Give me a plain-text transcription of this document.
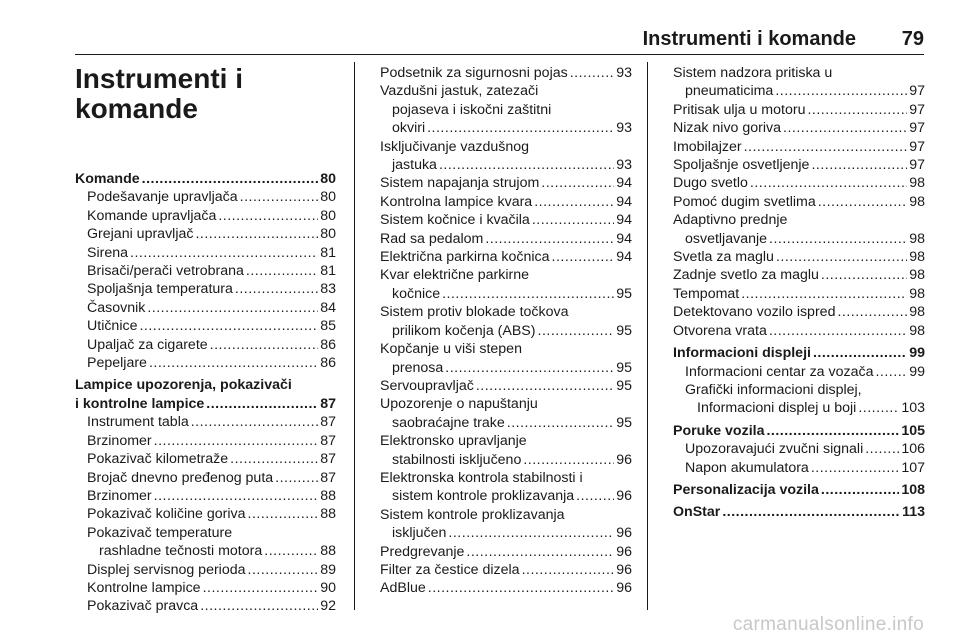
Instrumenti i komande 79
Instrumenti i
komande
Komande .....	80
Podešavanje upravljača .....	80
Komande upravljača .....	80
Grejani upravljač .....	80
Sirena .....	81
Brisači/perači vetrobrana .....	81
Spoljašnja temperatura .....	83
Časovnik .....	84
Utičnice .....	85
Upaljač za cigarete .....	86
Pepeljare .....	86
Lampice upozorenja, pokazivači
i kontrolne lampice .....	87
Instrument tabla .....	87
Brzinomer .....	87
Pokazivač kilometraže .....	87
Brojač dnevno pređenog puta .....	87
Brzinomer .....	88
Pokazivač količine goriva .....	88
Pokazivač temperature
rashladne tečnosti motora .....	88
Displej servisnog perioda .....	89
Kontrolne lampice .....	90
Pokazivač pravca .....	92
Podsetnik za sigurnosni pojas .....	93
Vazdušni jastuk, zatezači
pojaseva i iskočni zaštitni
okviri .....	93
Isključivanje vazdušnog
jastuka .....	93
Sistem napajanja strujom .....	94
Kontrolna lampice kvara .....	94
Sistem kočnice i kvačila .....	94
Rad sa pedalom .....	94
Električna parkirna kočnica .....	94
Kvar električne parkirne
kočnice .....	95
Sistem protiv blokade točkova
prilikom kočenja (ABS) .....	95
Kopčanje u viši stepen
prenosa .....	95
Servoupravljač .....	95
Upozorenje o napuštanju
saobraćajne trake .....	95
Elektronsko upravljanje
stabilnosti isključeno .....	96
Elektronska kontrola stabilnosti i
sistem kontrole proklizavanja .....	96
Sistem kontrole proklizavanja
isključen .....	96
Predgrevanje .....	96
Filter za čestice dizela .....	96
AdBlue .....	96
Sistem nadzora pritiska u
pneumaticima .....	97
Pritisak ulja u motoru .....	97
Nizak nivo goriva .....	97
Imobilajzer .....	97
Spoljašnje osvetljenje .....	97
Dugo svetlo .....	98
Pomoć dugim svetlima .....	98
Adaptivno prednje
osvetljavanje .....	98
Svetla za maglu .....	98
Zadnje svetlo za maglu .....	98
Tempomat .....	98
Detektovano vozilo ispred .....	98
Otvorena vrata .....	98
Informacioni displeji .....	99
Informacioni centar za vozača .....	99
Grafički informacioni displej,
Informacioni displej u boji .....	103
Poruke vozila .....	105
Upozoravajući zvučni signali .....	106
Napon akumulatora .....	107
Personalizacija vozila .....	108
OnStar .....	113
carmanualsonline.info
